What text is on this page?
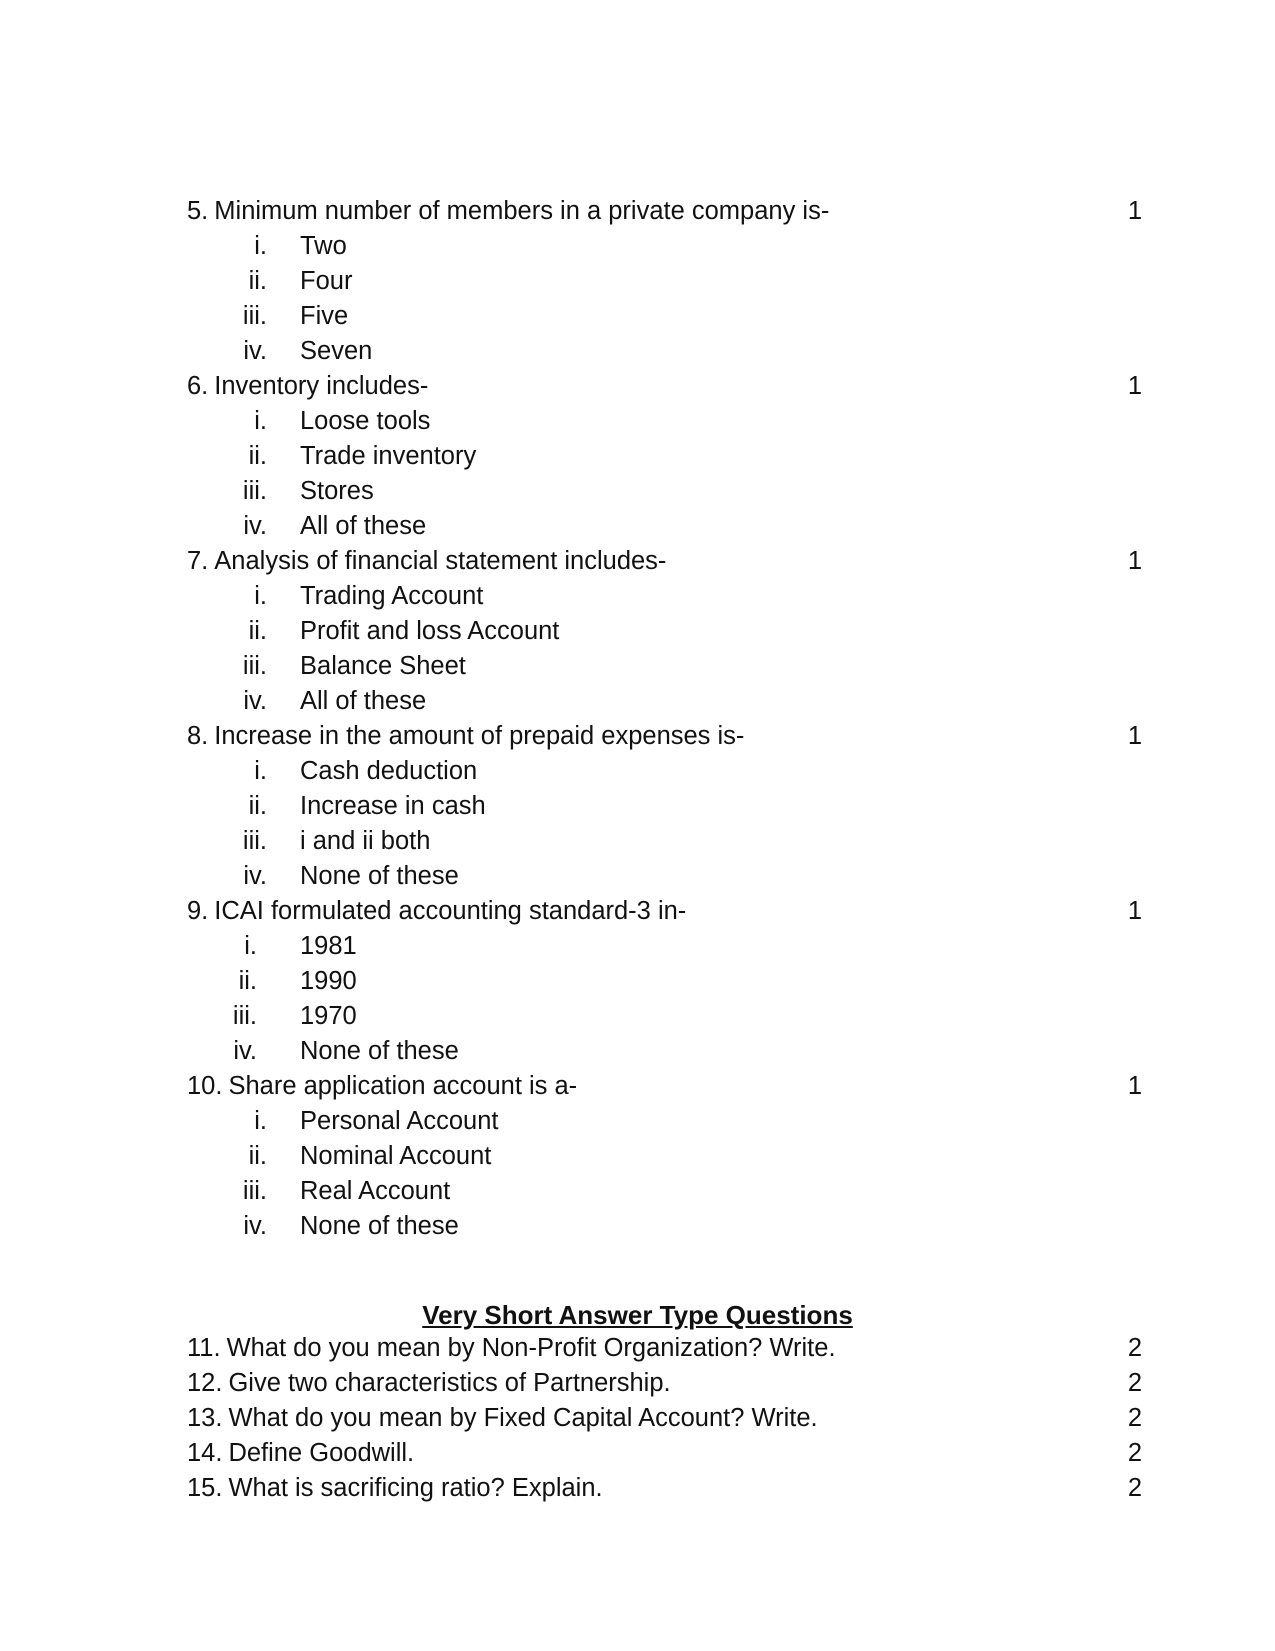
5. Minimum number of members in a private company is-	1
i. Two
ii. Four
iii. Five
iv. Seven
6. Inventory includes-	1
i. Loose tools
ii. Trade inventory
iii. Stores
iv. All of these
7. Analysis of financial statement includes-	1
i. Trading Account
ii. Profit and loss Account
iii. Balance Sheet
iv. All of these
8. Increase in the amount of prepaid expenses is-	1
i. Cash deduction
ii. Increase in cash
iii. i and ii both
iv. None of these
9. ICAI formulated accounting standard-3 in-	1
i. 1981
ii. 1990
iii. 1970
iv. None of these
10. Share application account is a-	1
i. Personal Account
ii. Nominal Account
iii. Real Account
iv. None of these
Very Short Answer Type Questions
11. What do you mean by Non-Profit Organization? Write.	2
12. Give two characteristics of Partnership.	2
13. What do you mean by Fixed Capital Account? Write.	2
14. Define Goodwill.	2
15. What is sacrificing ratio? Explain.	2
